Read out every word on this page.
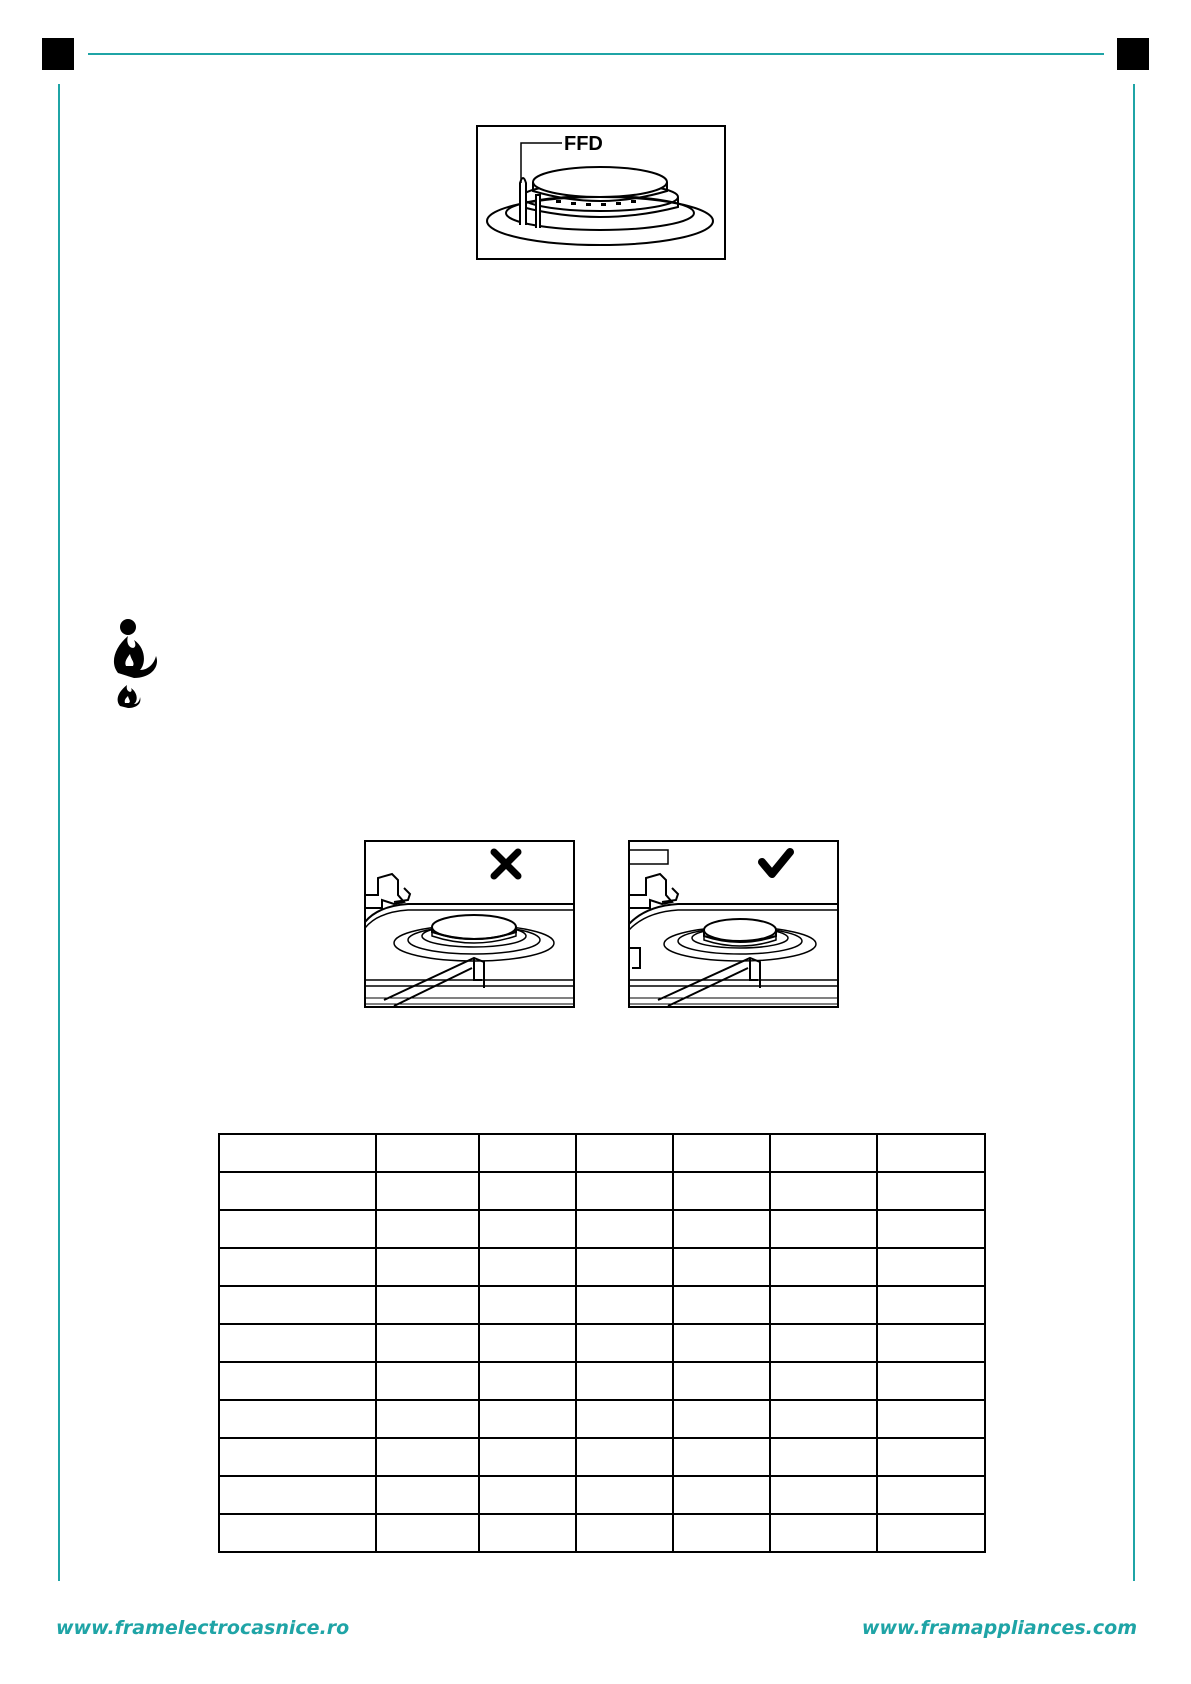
FFD

www.framelectrocasnice.ro	www.framappliances.com
